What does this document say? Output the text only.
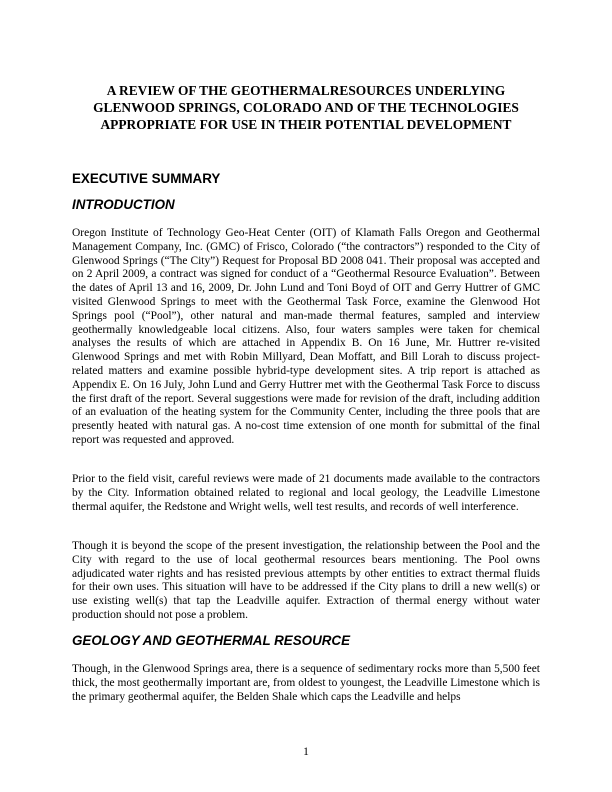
A REVIEW OF THE GEOTHERMALRESOURCES UNDERLYING
GLENWOOD SPRINGS, COLORADO AND OF THE TECHNOLOGIES
APPROPRIATE FOR USE IN THEIR POTENTIAL DEVELOPMENT
EXECUTIVE SUMMARY
INTRODUCTION

Oregon Institute of Technology Geo-Heat Center (OIT) of Klamath Falls Oregon and Geothermal Management Company, Inc. (GMC) of Frisco, Colorado (“the contractors”) responded to the City of Glenwood Springs (“The City”) Request for Proposal BD 2008 041. Their proposal was accepted and on 2 April 2009, a contract was signed for conduct of a “Geothermal Resource Evaluation”. Between the dates of April 13 and 16, 2009, Dr. John Lund and Toni Boyd of OIT and Gerry Huttrer of GMC visited Glenwood Springs to meet with the Geothermal Task Force, examine the Glenwood Hot Springs pool (“Pool”), other natural and man-made thermal features, sampled and interview geothermally knowledgeable local citizens. Also, four waters samples were taken for chemical analyses the results of which are attached in Appendix B. On 16 June, Mr. Huttrer re-visited Glenwood Springs and met with Robin Millyard, Dean Moffatt, and Bill Lorah to discuss project-related matters and examine possible hybrid-type development sites. A trip report is attached as Appendix E. On 16 July, John Lund and Gerry Huttrer met with the Geothermal Task Force to discuss the first draft of the report. Several suggestions were made for revision of the draft, including addition of an evaluation of the heating system for the Community Center, including the three pools that are presently heated with natural gas. A no-cost time extension of one month for submittal of the final report was requested and approved.

Prior to the field visit, careful reviews were made of 21 documents made available to the contractors by the City. Information obtained related to regional and local geology, the Leadville Limestone thermal aquifer, the Redstone and Wright wells, well test results, and records of well interference.

Though it is beyond the scope of the present investigation, the relationship between the Pool and the City with regard to the use of local geothermal resources bears mentioning. The Pool owns adjudicated water rights and has resisted previous attempts by other entities to extract thermal fluids for their own uses. This situation will have to be addressed if the City plans to drill a new well(s) or use existing well(s) that tap the Leadville aquifer. Extraction of thermal energy without water production should not pose a problem.

GEOLOGY AND GEOTHERMAL RESOURCE

Though, in the Glenwood Springs area, there is a sequence of sedimentary rocks more than 5,500 feet thick, the most geothermally important are, from oldest to youngest, the Leadville Limestone which is the primary geothermal aquifer, the Belden Shale which caps the Leadville and helps

1
